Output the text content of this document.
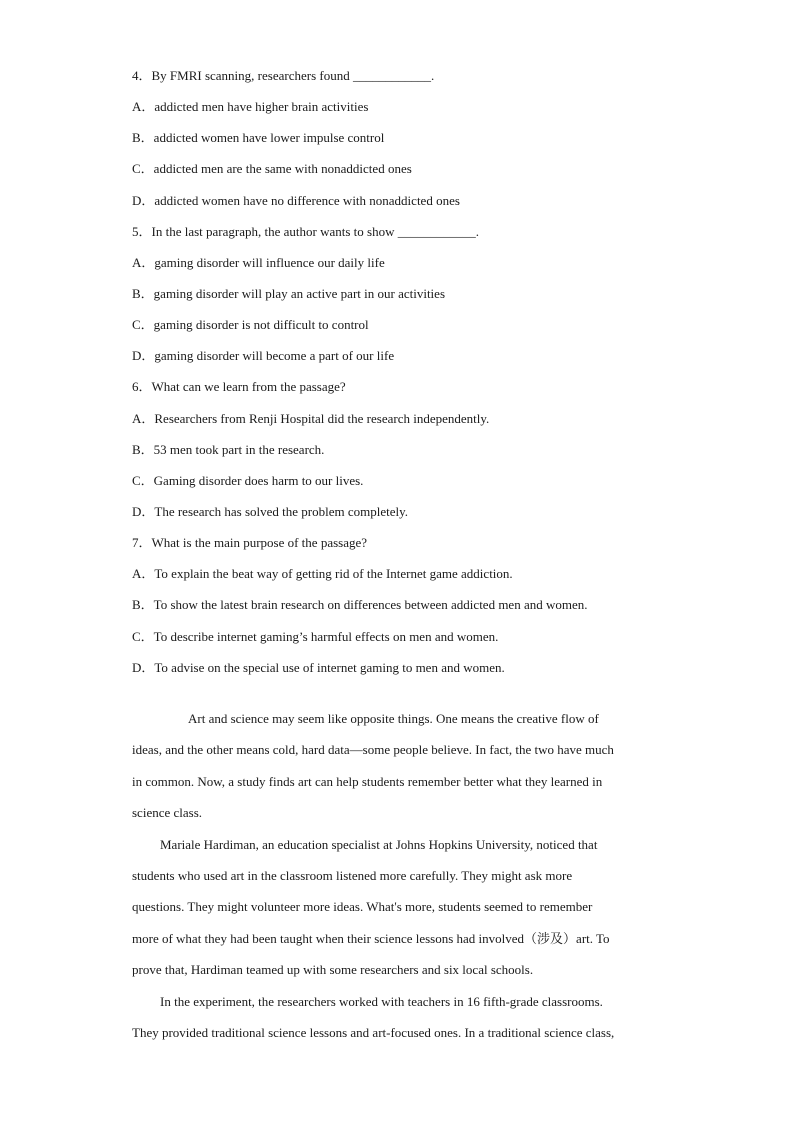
4．By FMRI scanning, researchers found ____________.
A．addicted men have higher brain activities
B．addicted women have lower impulse control
C．addicted men are the same with nonaddicted ones
D．addicted women have no difference with nonaddicted ones
5．In the last paragraph, the author wants to show ____________.
A．gaming disorder will influence our daily life
B．gaming disorder will play an active part in our activities
C．gaming disorder is not difficult to control
D．gaming disorder will become a part of our life
6．What can we learn from the passage?
A．Researchers from Renji Hospital did the research independently.
B．53 men took part in the research.
C．Gaming disorder does harm to our lives.
D．The research has solved the problem completely.
7．What is the main purpose of the passage?
A．To explain the beat way of getting rid of the Internet game addiction.
B．To show the latest brain research on differences between addicted men and women.
C．To describe internet gaming’s harmful effects on men and women.
D．To advise on the special use of internet gaming to men and women.
Art and science may seem like opposite things. One means the creative flow of
ideas, and the other means cold, hard data—some people believe. In fact, the two have much
in common. Now, a study finds art can help students remember better what they learned in
science class.
Mariale Hardiman, an education specialist at Johns Hopkins University, noticed that
students who used art in the classroom listened more carefully. They might ask more
questions. They might volunteer more ideas. What's more, students seemed to remember
more of what they had been taught when their science lessons had involved（涉及）art. To
prove that, Hardiman teamed up with some researchers and six local schools.
In the experiment, the researchers worked with teachers in 16 fifth-grade classrooms.
They provided traditional science lessons and art-focused ones. In a traditional science class,
